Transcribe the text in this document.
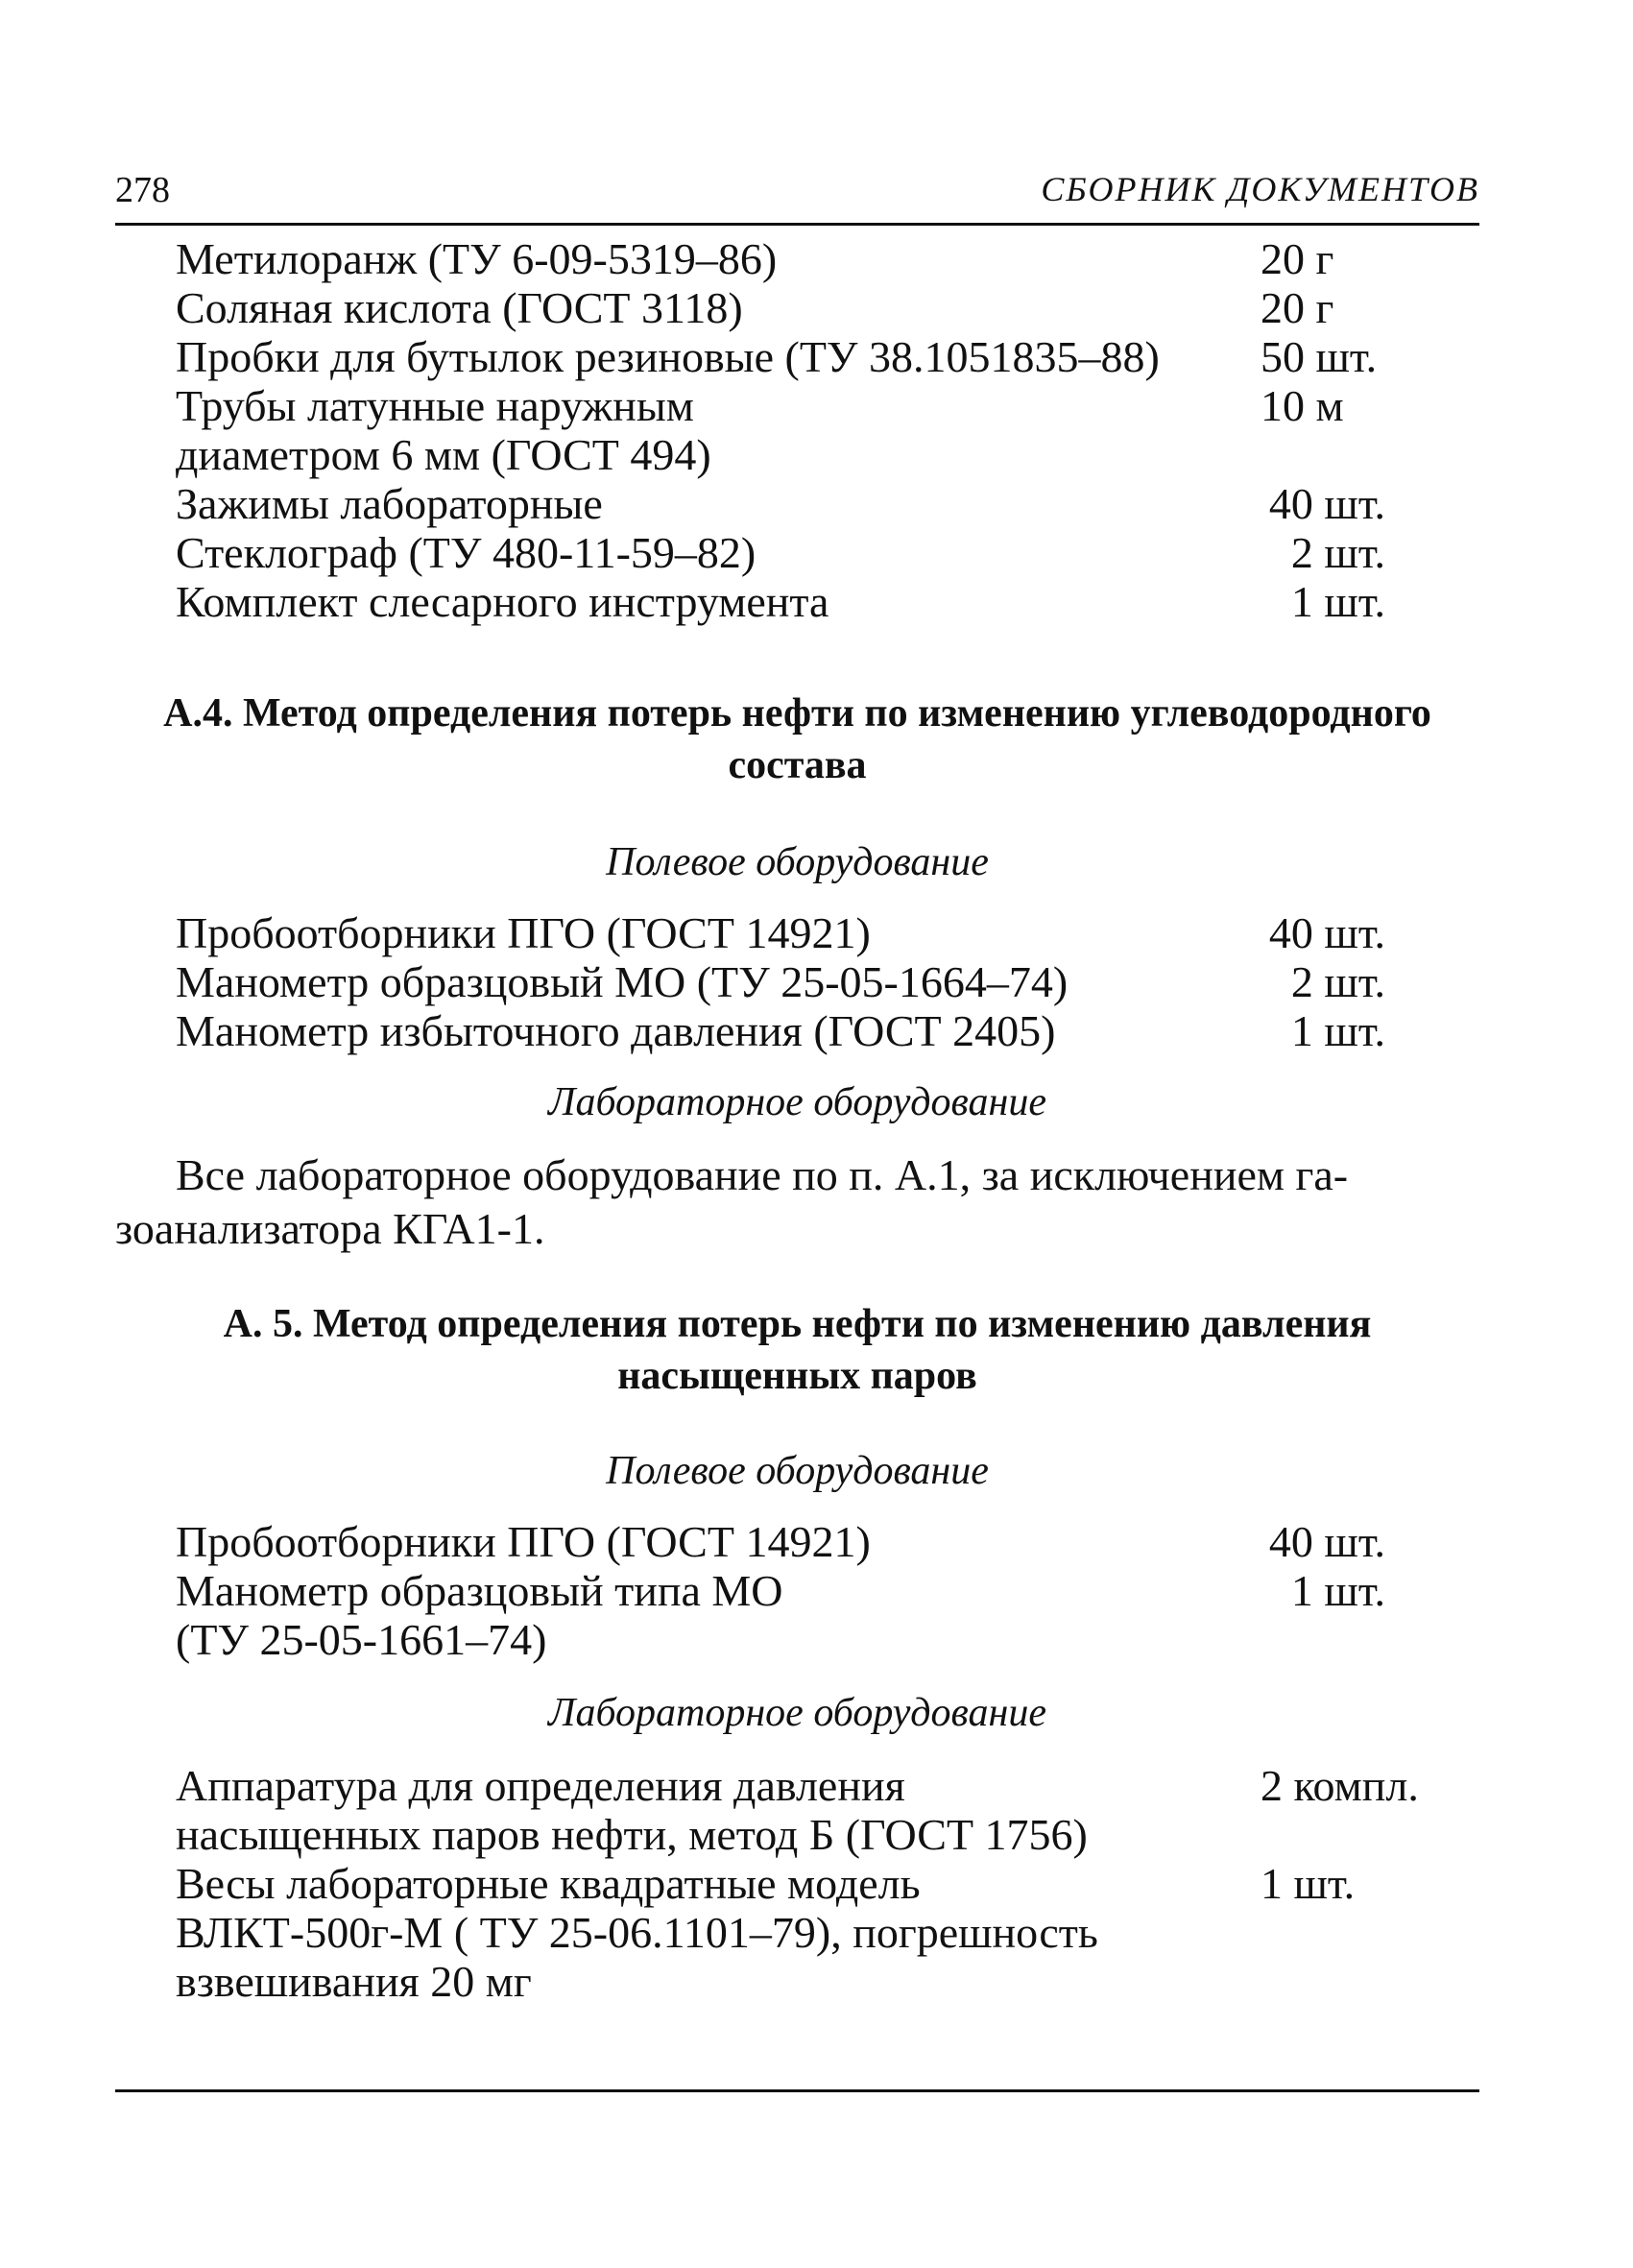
278	СБОРНИК ДОКУМЕНТОВ
Метилоранж (ТУ 6-09-5319–86)	20 г
Соляная кислота (ГОСТ 3118)	20 г
Пробки для бутылок резиновые (ТУ 38.1051835–88)	50 шт.
Трубы латунные наружным	10 м
диаметром 6 мм (ГОСТ 494)
Зажимы лабораторные	40 шт.
Стеклограф (ТУ 480-11-59–82)	2 шт.
Комплект слесарного инструмента	1 шт.
А.4. Метод определения потерь нефти по изменению углеводородного
состава
Полевое оборудование
Пробоотборники ПГО (ГОСТ 14921)	40 шт.
Манометр образцовый МО (ТУ 25-05-1664–74)	2 шт.
Манометр избыточного давления (ГОСТ 2405)	1 шт.
Лабораторное оборудование
Все лабораторное оборудование по п. А.1, за исключением га-
зоанализатора КГА1-1.
А. 5. Метод определения потерь нефти по изменению давления
насыщенных паров
Полевое оборудование
Пробоотборники ПГО (ГОСТ 14921)	40 шт.
Манометр образцовый типа МО	1 шт.
(ТУ 25-05-1661–74)
Лабораторное оборудование
Аппаратура для определения давления	2 компл.
насыщенных паров нефти, метод Б (ГОСТ 1756)
Весы лабораторные квадратные модель	1 шт.
ВЛКТ-500г-М ( ТУ 25-06.1101–79), погрешность
взвешивания 20 мг
